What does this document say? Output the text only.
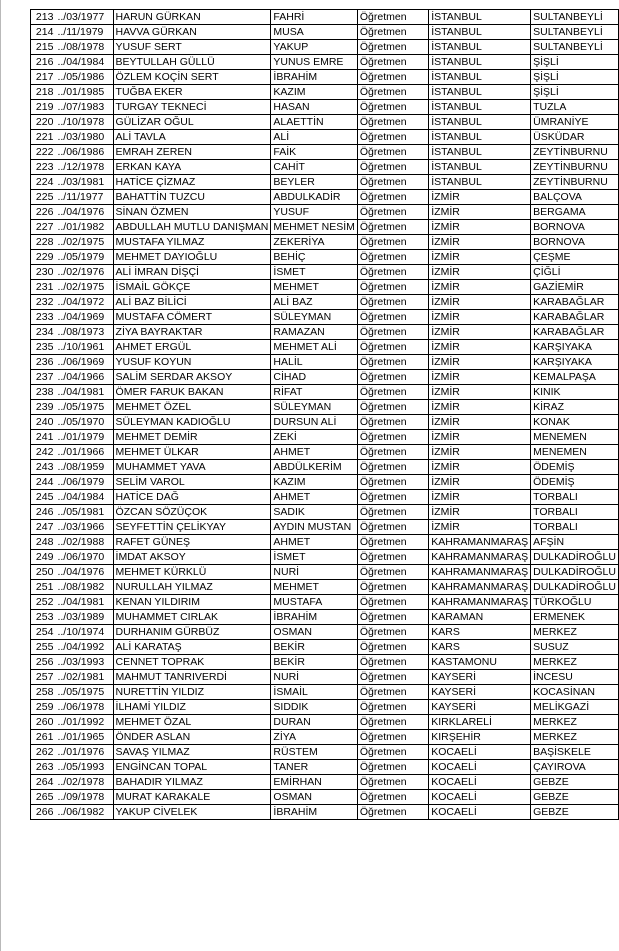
213	../03/1977	HARUN GÜRKAN	FAHRİ	Öğretmen	İSTANBUL	SULTANBEYLİ
214	../11/1979	HAVVA GÜRKAN	MUSA	Öğretmen	İSTANBUL	SULTANBEYLİ
215	../08/1978	YUSUF SERT	YAKUP	Öğretmen	İSTANBUL	SULTANBEYLİ
216	../04/1984	BEYTULLAH GÜLLÜ	YUNUS EMRE	Öğretmen	İSTANBUL	ŞİŞLİ
217	../05/1986	ÖZLEM KOÇİN SERT	İBRAHİM	Öğretmen	İSTANBUL	ŞİŞLİ
218	../01/1985	TUĞBA EKER	KAZIM	Öğretmen	İSTANBUL	ŞİŞLİ
219	../07/1983	TURGAY TEKNECİ	HASAN	Öğretmen	İSTANBUL	TUZLA
220	../10/1978	GÜLİZAR OĞUL	ALAETTİN	Öğretmen	İSTANBUL	ÜMRANİYE
221	../03/1980	ALİ TAVLA	ALİ	Öğretmen	İSTANBUL	ÜSKÜDAR
222	../06/1986	EMRAH ZEREN	FAİK	Öğretmen	İSTANBUL	ZEYTİNBURNU
223	../12/1978	ERKAN KAYA	CAHİT	Öğretmen	İSTANBUL	ZEYTİNBURNU
224	../03/1981	HATİCE ÇİZMAZ	BEYLER	Öğretmen	İSTANBUL	ZEYTİNBURNU
225	../11/1977	BAHATTİN TUZCU	ABDULKADİR	Öğretmen	İZMİR	BALÇOVA
226	../04/1976	SİNAN ÖZMEN	YUSUF	Öğretmen	İZMİR	BERGAMA
227	../01/1982	ABDULLAH MUTLU DANIŞMAN	MEHMET NESİM	Öğretmen	İZMİR	BORNOVA
228	../02/1975	MUSTAFA YILMAZ	ZEKERİYA	Öğretmen	İZMİR	BORNOVA
229	../05/1979	MEHMET DAYIOĞLU	BEHİÇ	Öğretmen	İZMİR	ÇEŞME
230	../02/1976	ALİ İMRAN DİŞÇİ	İSMET	Öğretmen	İZMİR	ÇİĞLİ
231	../02/1975	İSMAİL GÖKÇE	MEHMET	Öğretmen	İZMİR	GAZİEMİR
232	../04/1972	ALİ BAZ BİLİCİ	ALİ BAZ	Öğretmen	İZMİR	KARABAĞLAR
233	../04/1969	MUSTAFA CÖMERT	SÜLEYMAN	Öğretmen	İZMİR	KARABAĞLAR
234	../08/1973	ZİYA BAYRAKTAR	RAMAZAN	Öğretmen	İZMİR	KARABAĞLAR
235	../10/1961	AHMET ERGÜL	MEHMET ALİ	Öğretmen	İZMİR	KARŞIYAKA
236	../06/1969	YUSUF KOYUN	HALİL	Öğretmen	İZMİR	KARŞIYAKA
237	../04/1966	SALİM SERDAR AKSOY	CİHAD	Öğretmen	İZMİR	KEMALPAŞA
238	../04/1981	ÖMER FARUK BAKAN	RİFAT	Öğretmen	İZMİR	KINIK
239	../05/1975	MEHMET ÖZEL	SÜLEYMAN	Öğretmen	İZMİR	KİRAZ
240	../05/1970	SÜLEYMAN KADIOĞLU	DURSUN ALİ	Öğretmen	İZMİR	KONAK
241	../01/1979	MEHMET DEMİR	ZEKİ	Öğretmen	İZMİR	MENEMEN
242	../01/1966	MEHMET ÜLKAR	AHMET	Öğretmen	İZMİR	MENEMEN
243	../08/1959	MUHAMMET YAVA	ABDÜLKERİM	Öğretmen	İZMİR	ÖDEMİŞ
244	../06/1979	SELİM VAROL	KAZIM	Öğretmen	İZMİR	ÖDEMİŞ
245	../04/1984	HATİCE DAĞ	AHMET	Öğretmen	İZMİR	TORBALI
246	../05/1981	ÖZCAN SÖZÜÇOK	SADIK	Öğretmen	İZMİR	TORBALI
247	../03/1966	SEYFETTİN ÇELİKYAY	AYDIN MUSTAN	Öğretmen	İZMİR	TORBALI
248	../02/1988	RAFET GÜNEŞ	AHMET	Öğretmen	KAHRAMANMARAŞ	AFŞİN
249	../06/1970	İMDAT AKSOY	İSMET	Öğretmen	KAHRAMANMARAŞ	DULKADİROĞLU
250	../04/1976	MEHMET KÜRKLÜ	NURİ	Öğretmen	KAHRAMANMARAŞ	DULKADİROĞLU
251	../08/1982	NURULLAH YILMAZ	MEHMET	Öğretmen	KAHRAMANMARAŞ	DULKADİROĞLU
252	../04/1981	KENAN YILDIRIM	MUSTAFA	Öğretmen	KAHRAMANMARAŞ	TÜRKOĞLU
253	../03/1989	MUHAMMET CIRLAK	İBRAHİM	Öğretmen	KARAMAN	ERMENEK
254	../10/1974	DURHANIM GÜRBÜZ	OSMAN	Öğretmen	KARS	MERKEZ
255	../04/1992	ALİ KARATAŞ	BEKİR	Öğretmen	KARS	SUSUZ
256	../03/1993	CENNET TOPRAK	BEKİR	Öğretmen	KASTAMONU	MERKEZ
257	../02/1981	MAHMUT TANRIVERDİ	NURİ	Öğretmen	KAYSERİ	İNCESU
258	../05/1975	NURETTİN YILDIZ	İSMAİL	Öğretmen	KAYSERİ	KOCASİNAN
259	../06/1978	İLHAMİ YILDIZ	SIDDIK	Öğretmen	KAYSERİ	MELİKGAZİ
260	../01/1992	MEHMET ÖZAL	DURAN	Öğretmen	KIRKLARELİ	MERKEZ
261	../01/1965	ÖNDER ASLAN	ZİYA	Öğretmen	KIRŞEHİR	MERKEZ
262	../01/1976	SAVAŞ YILMAZ	RÜSTEM	Öğretmen	KOCAELİ	BAŞİSKELE
263	../05/1993	ENGİNCAN TOPAL	TANER	Öğretmen	KOCAELİ	ÇAYIROVA
264	../02/1978	BAHADIR YILMAZ	EMİRHAN	Öğretmen	KOCAELİ	GEBZE
265	../09/1978	MURAT KARAKALE	OSMAN	Öğretmen	KOCAELİ	GEBZE
266	../06/1982	YAKUP CİVELEK	İBRAHİM	Öğretmen	KOCAELİ	GEBZE
